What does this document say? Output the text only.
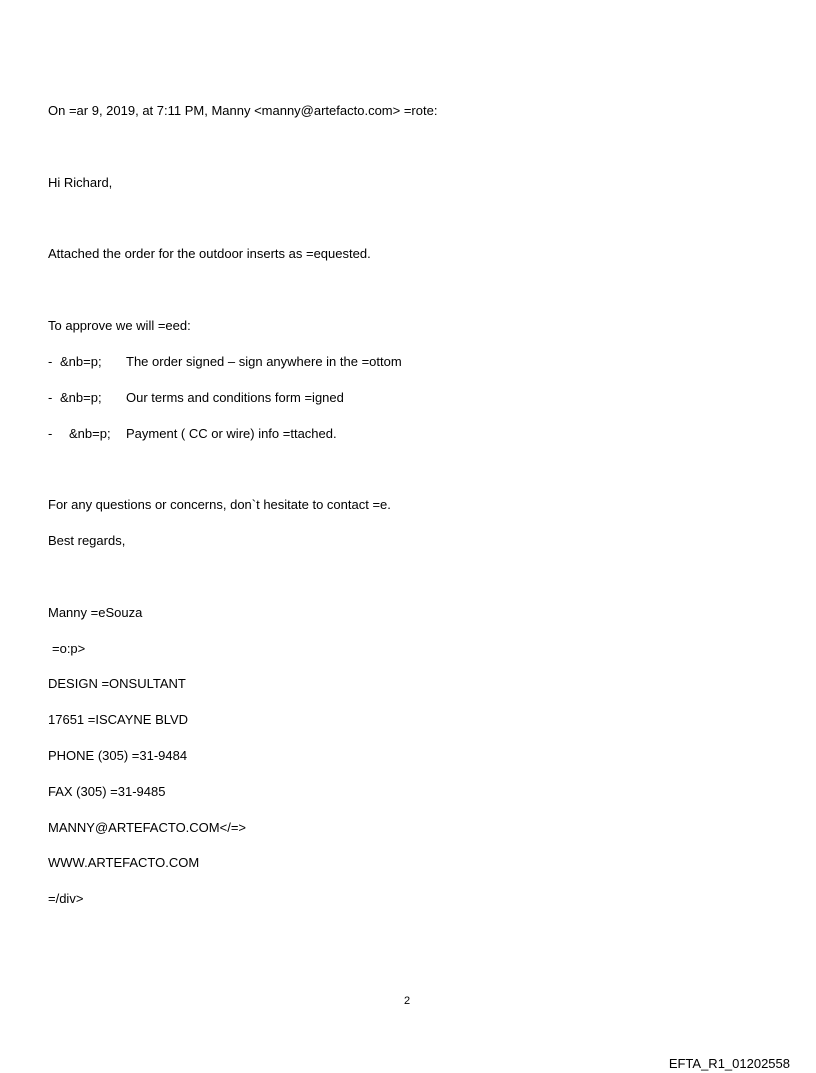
On =ar 9, 2019, at 7:11 PM, Manny <manny@artefacto.com> =rote:
Hi Richard,
Attached the order for the outdoor inserts as =equested.
To approve we will =eed:
- &nb=p; The order signed – sign anywhere in the =ottom
- &nb=p; Our terms and conditions form =igned
- &nb=p; Payment ( CC or wire) info =ttached.
For any questions or concerns, don`t hesitate to contact =e.
Best regards,
Manny =eSouza
=o:p>
DESIGN =ONSULTANT
17651 =ISCAYNE BLVD
PHONE (305) =31-9484
FAX (305) =31-9485
MANNY@ARTEFACTO.COM</=>
WWW.ARTEFACTO.COM
=/div>
2
EFTA_R1_01202558
